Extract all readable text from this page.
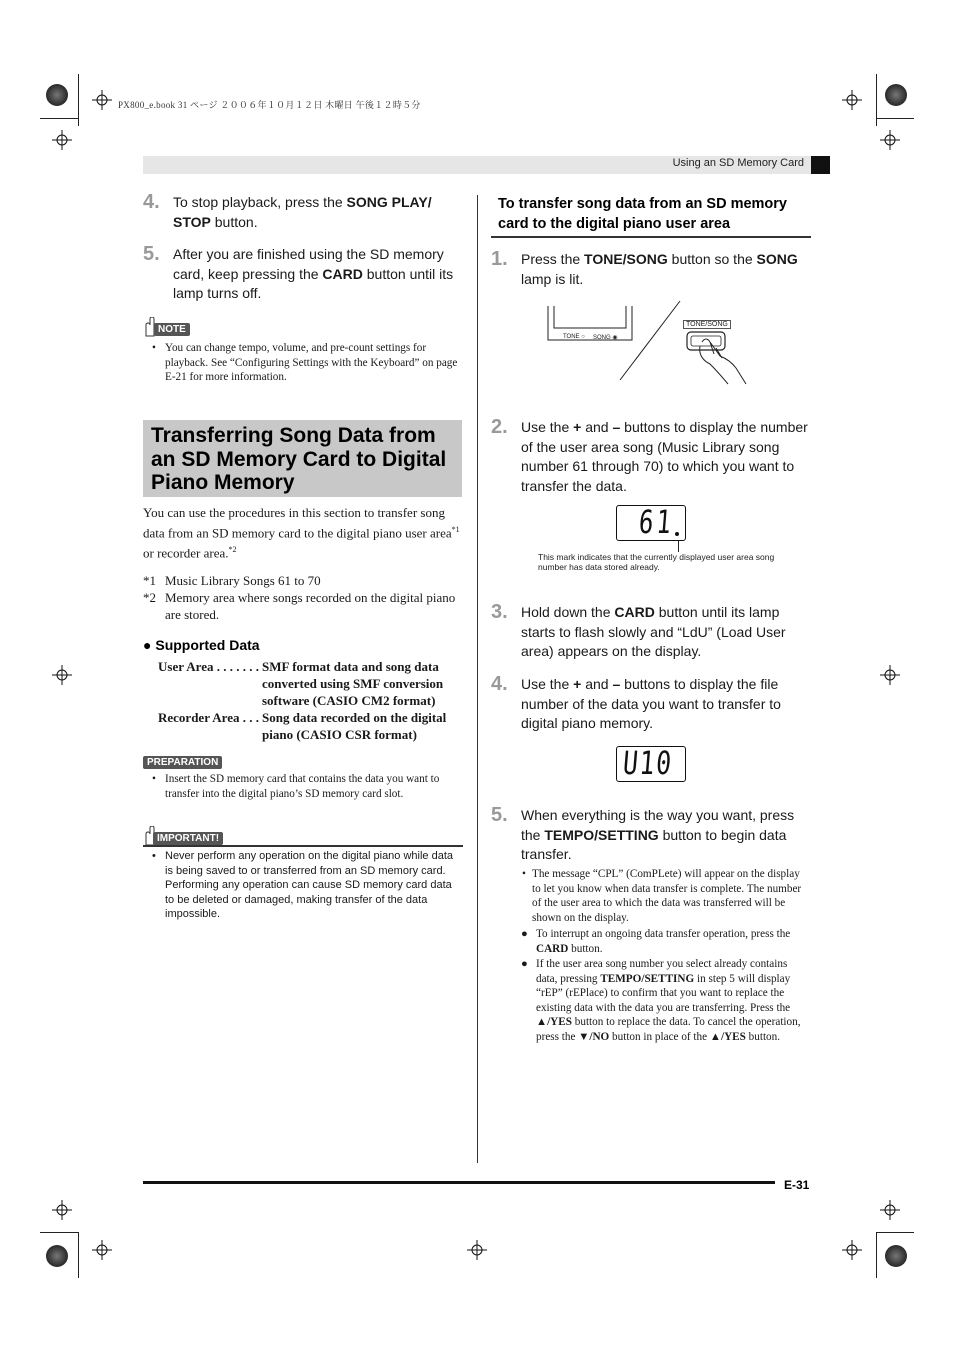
PX800_e.book 31 ページ ２００６年１０月１２日 木曜日 午後１２時５分
Using an SD Memory Card
4. To stop playback, press the SONG PLAY/ STOP button.
5. After you are finished using the SD memory card, keep pressing the CARD button until its lamp turns off.
NOTE
• You can change tempo, volume, and pre-count settings for playback. See “Configuring Settings with the Keyboard” on page E-21 for more information.
Transferring Song Data from an SD Memory Card to Digital Piano Memory
You can use the procedures in this section to transfer song data from an SD memory card to the digital piano user area$^{*1}$ or recorder area.$^{*2}$
*1 Music Library Songs 61 to 70
*2 Memory area where songs recorded on the digital piano are stored.
● Supported Data
User Area . . . . . . . SMF format data and song data converted using SMF conversion software (CASIO CM2 format)
Recorder Area . . . Song data recorded on the digital piano (CASIO CSR format)
PREPARATION
• Insert the SD memory card that contains the data you want to transfer into the digital piano’s SD memory card slot.
IMPORTANT!
• Never perform any operation on the digital piano while data is being saved to or transferred from an SD memory card. Performing any operation can cause SD memory card data to be deleted or damaged, making transfer of the data impossible.
To transfer song data from an SD memory card to the digital piano user area
1. Press the TONE/SONG button so the SONG lamp is lit.
TONE ○ SONG ◉
TONE/SONG
2. Use the + and – buttons to display the number of the user area song (Music Library song number 61 through 70) to which you want to transfer the data.
61
This mark indicates that the currently displayed user area song number has data stored already.
3. Hold down the CARD button until its lamp starts to flash slowly and “LdU” (Load User area) appears on the display.
4. Use the + and – buttons to display the file number of the data you want to transfer to digital piano memory.
U10
5. When everything is the way you want, press the TEMPO/SETTING button to begin data transfer.
• The message “CPL” (ComPLete) will appear on the display to let you know when data transfer is complete. The number of the user area to which the data was transferred will be shown on the display.
● To interrupt an ongoing data transfer operation, press the CARD button.
● If the user area song number you select already contains data, pressing TEMPO/SETTING in step 5 will display “rEP” (rEPlace) to confirm that you want to replace the existing data with the data you are transferring. Press the ▲/YES button to replace the data. To cancel the operation, press the ▼/NO button in place of the ▲/YES button.
E-31
